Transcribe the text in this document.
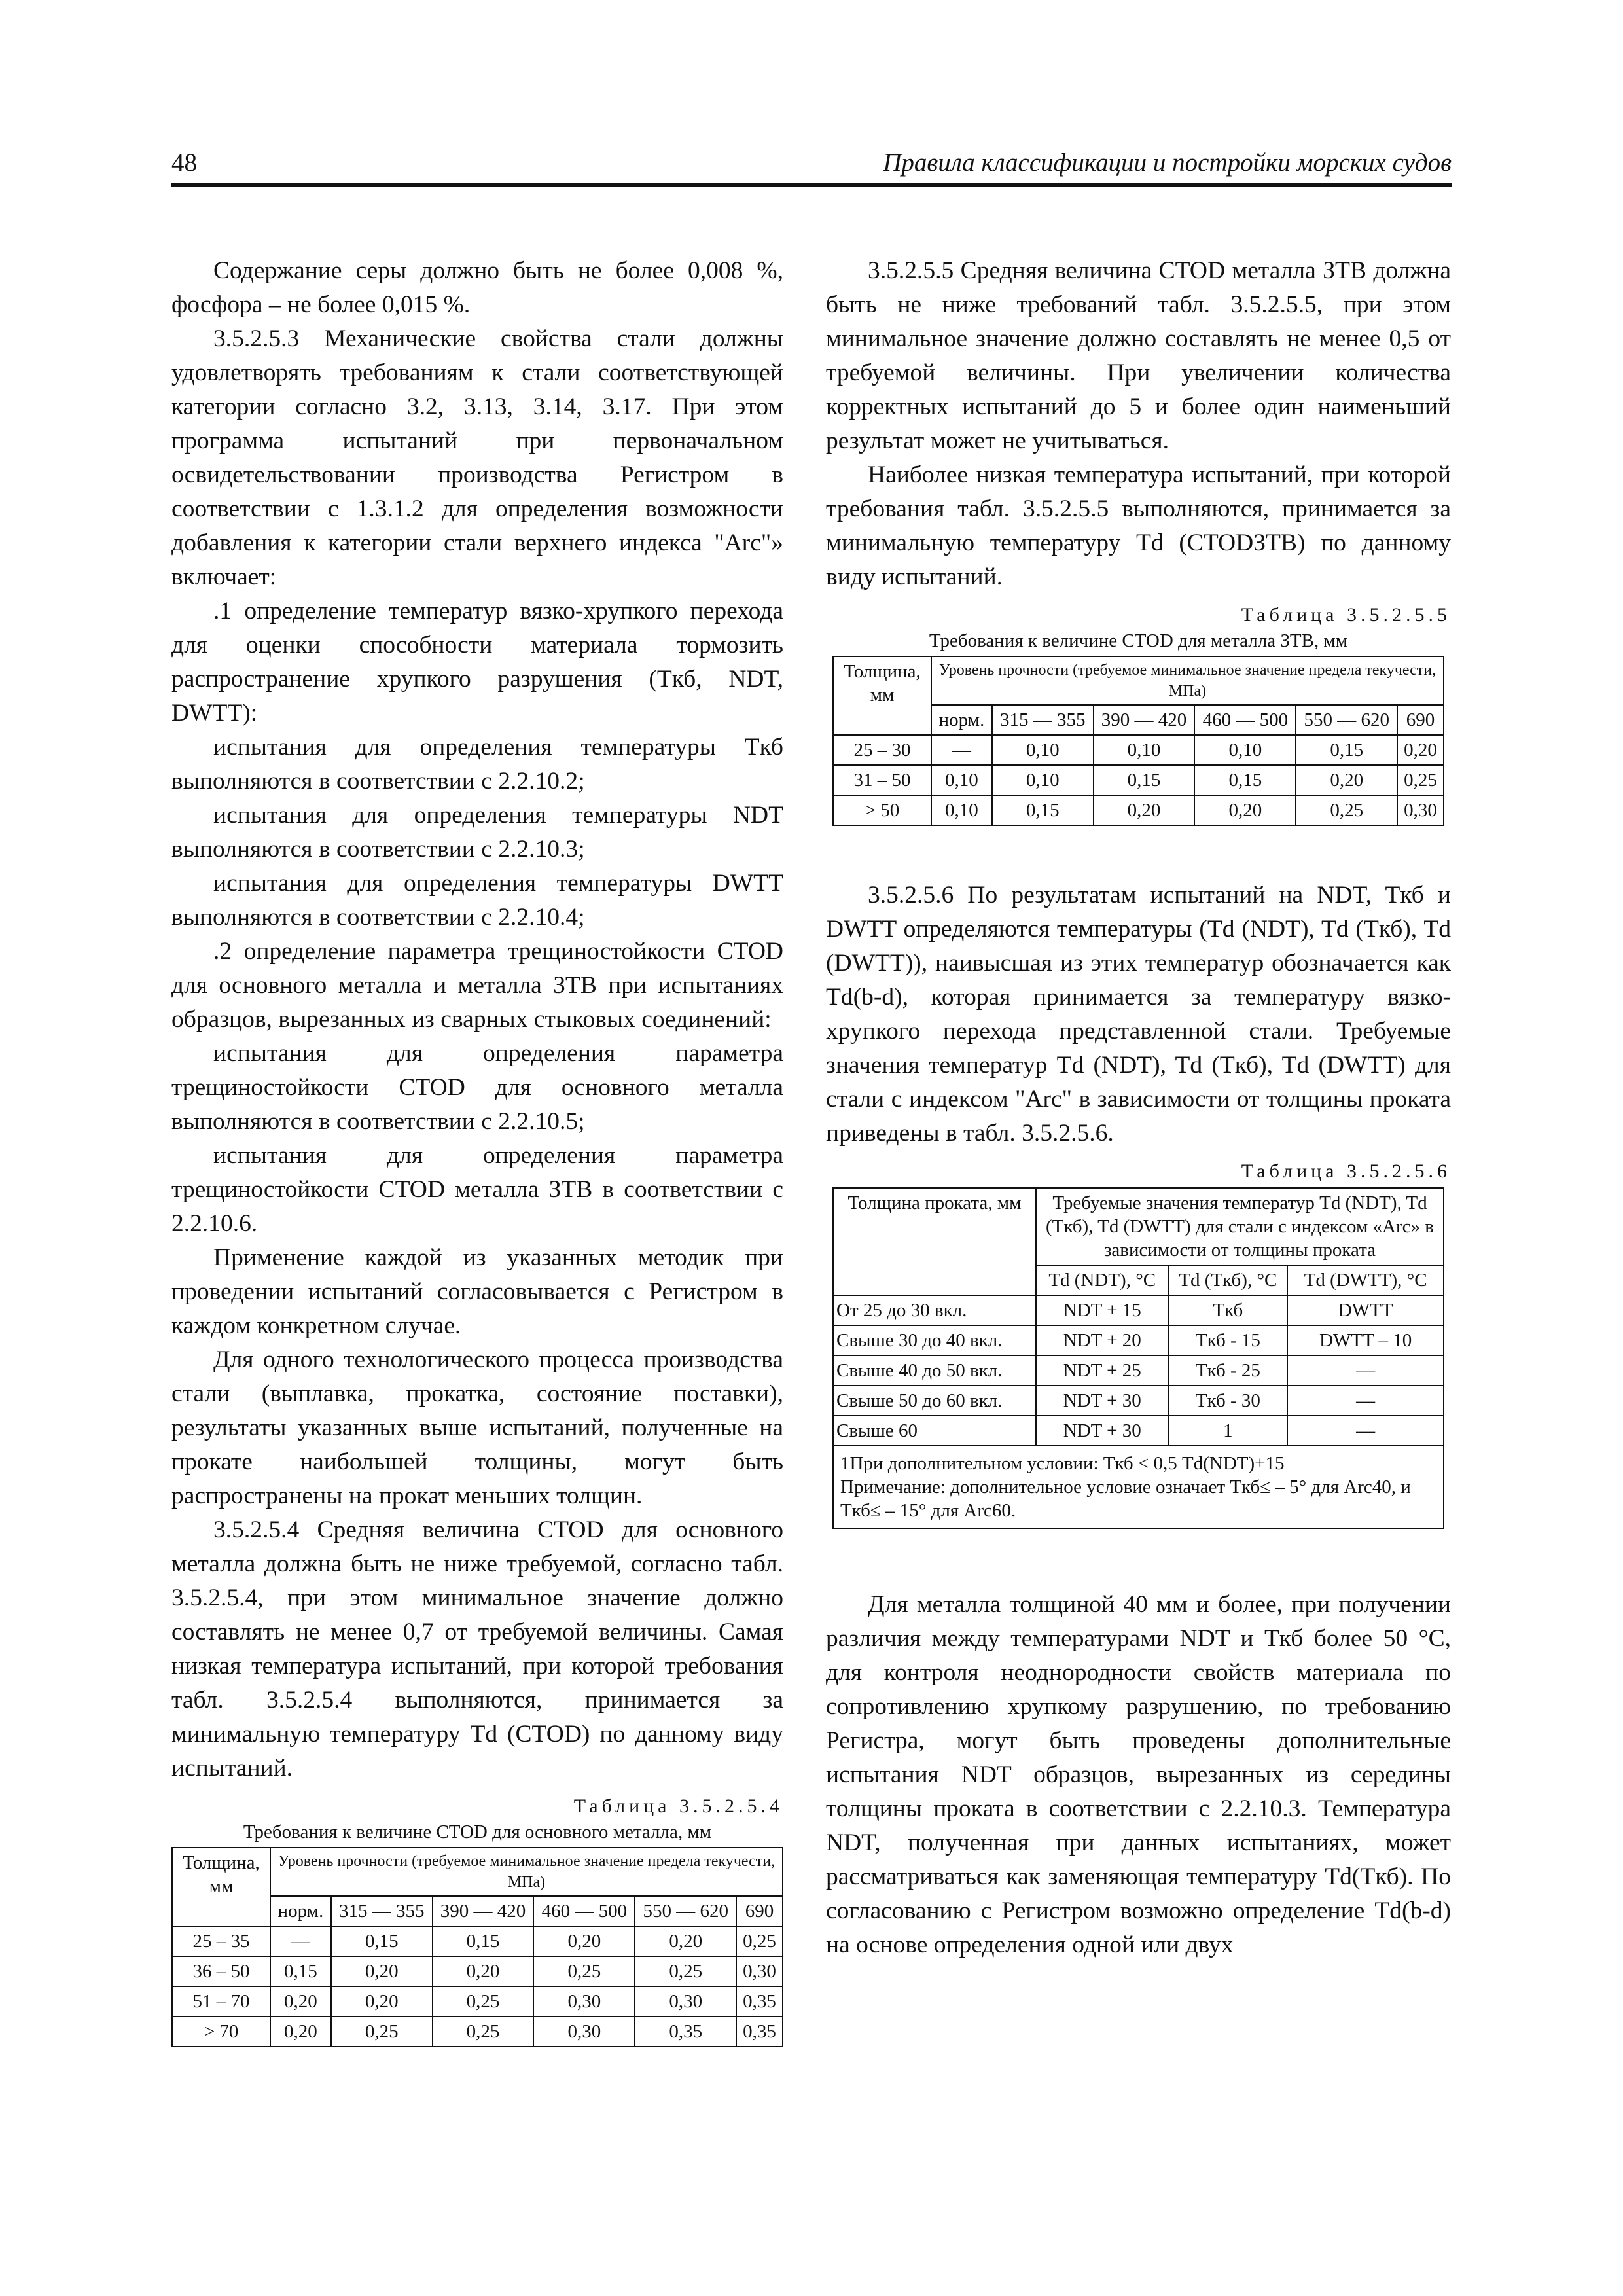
48	Правила классификации и постройки морских судов

Содержание серы должно быть не более 0,008 %, фосфора – не более 0,015 %.

3.5.2.5.3 Механические свойства стали должны удовлетворять требованиям к стали соответствующей категории согласно 3.2, 3.13, 3.14, 3.17. При этом программа испытаний при первоначальном освидетельствовании производства Регистром в соответствии с 1.3.1.2 для определения возможности добавления к категории стали верхнего индекса "Arc"» включает:

.1 определение температур вязко-хрупкого перехода для оценки способности материала тормозить распространение хрупкого разрушения (Tкб, NDT, DWTT):

испытания для определения температуры Tкб выполняются в соответствии с 2.2.10.2;

испытания для определения температуры NDT выполняются в соответствии с 2.2.10.3;

испытания для определения температуры DWTT выполняются в соответствии с 2.2.10.4;

.2 определение параметра трещиностойкости CTOD для основного металла и металла ЗТВ при испытаниях образцов, вырезанных из сварных стыковых соединений:

испытания для определения параметра трещиностойкости CTOD для основного металла выполняются в соответствии с 2.2.10.5;

испытания для определения параметра трещиностойкости CTOD металла ЗТВ в соответствии с 2.2.10.6.

Применение каждой из указанных методик при проведении испытаний согласовывается с Регистром в каждом конкретном случае.

Для одного технологического процесса производства стали (выплавка, прокатка, состояние поставки), результаты указанных выше испытаний, полученные на прокате наибольшей толщины, могут быть распространены на прокат меньших толщин.

3.5.2.5.4 Средняя величина CTOD для основного металла должна быть не ниже требуемой, согласно табл. 3.5.2.5.4, при этом минимальное значение должно составлять не менее 0,7 от требуемой величины. Самая низкая температура испытаний, при которой требования табл. 3.5.2.5.4 выполняются, принимается за минимальную температуру Td (CTOD) по данному виду испытаний.

Таблица 3.5.2.5.4
Требования к величине CTOD для основного металла, мм
Толщина, мм	Уровень прочности (требуемое минимальное значение предела текучести, МПа)					
	норм.	315 — 355	390 — 420	460 — 500	550 — 620	690
25 – 35	—	0,15	0,15	0,20	0,20	0,25
36 – 50	0,15	0,20	0,20	0,25	0,25	0,30
51 – 70	0,20	0,20	0,25	0,30	0,30	0,35
> 70	0,20	0,25	0,25	0,30	0,35	0,35

3.5.2.5.5 Средняя величина CTOD металла ЗТВ должна быть не ниже требований табл. 3.5.2.5.5, при этом минимальное значение должно составлять не менее 0,5 от требуемой величины. При увеличении количества корректных испытаний до 5 и более один наименьший результат может не учитываться.

Наиболее низкая температура испытаний, при которой требования табл. 3.5.2.5.5 выполняются, принимается за минимальную температуру Td (CTODЗТВ) по данному виду испытаний.

Таблица 3.5.2.5.5
Требования к величине CTOD для металла ЗТВ, мм
Толщина, мм	Уровень прочности (требуемое минимальное значение предела текучести, МПа)					
	норм.	315 — 355	390 — 420	460 — 500	550 — 620	690
25 – 30	—	0,10	0,10	0,10	0,15	0,20
31 – 50	0,10	0,10	0,15	0,15	0,20	0,25
> 50	0,10	0,15	0,20	0,20	0,25	0,30

3.5.2.5.6 По результатам испытаний на NDT, Tкб и DWTT определяются температуры (Td (NDT), Td (Tкб), Td (DWTT)), наивысшая из этих температур обозначается как Td(b-d), которая принимается за температуру вязко-хрупкого перехода представленной стали. Требуемые значения температур Td (NDT), Td (Tкб), Td (DWTT) для стали с индексом "Arc" в зависимости от толщины проката приведены в табл. 3.5.2.5.6.

Таблица 3.5.2.5.6
Толщина проката, мм	Требуемые значения температур Td (NDT), Td (Tкб), Td (DWTT) для стали с индексом «Arc» в зависимости от толщины проката		
	Td (NDT), °С	Td (Tкб), °С	Td (DWTT), °С
От 25 до 30 вкл.	NDT + 15	Tкб	DWTT
Свыше 30 до 40 вкл.	NDT + 20	Tкб - 15	DWTT – 10
Свыше 40 до 50 вкл.	NDT + 25	Tкб - 25	—
Свыше 50 до 60 вкл.	NDT + 30	Tкб - 30	—
Свыше 60	NDT + 30	1	—

1При дополнительном условии: Tкб < 0,5 Td(NDT)+15
Примечание: дополнительное условие означает Tкб≤ – 5° для Arc40, и Tкб≤ – 15° для Arc60.			

Для металла толщиной 40 мм и более, при получении различия между температурами NDT и Tкб более 50 °С, для контроля неоднородности свойств материала по сопротивлению хрупкому разрушению, по требованию Регистра, могут быть проведены дополнительные испытания NDT образцов, вырезанных из середины толщины проката в соответствии с 2.2.10.3. Температура NDT, полученная при данных испытаниях, может рассматриваться как заменяющая температуру Td(Tкб). По согласованию с Регистром возможно определение Td(b-d) на основе определения одной или двух
